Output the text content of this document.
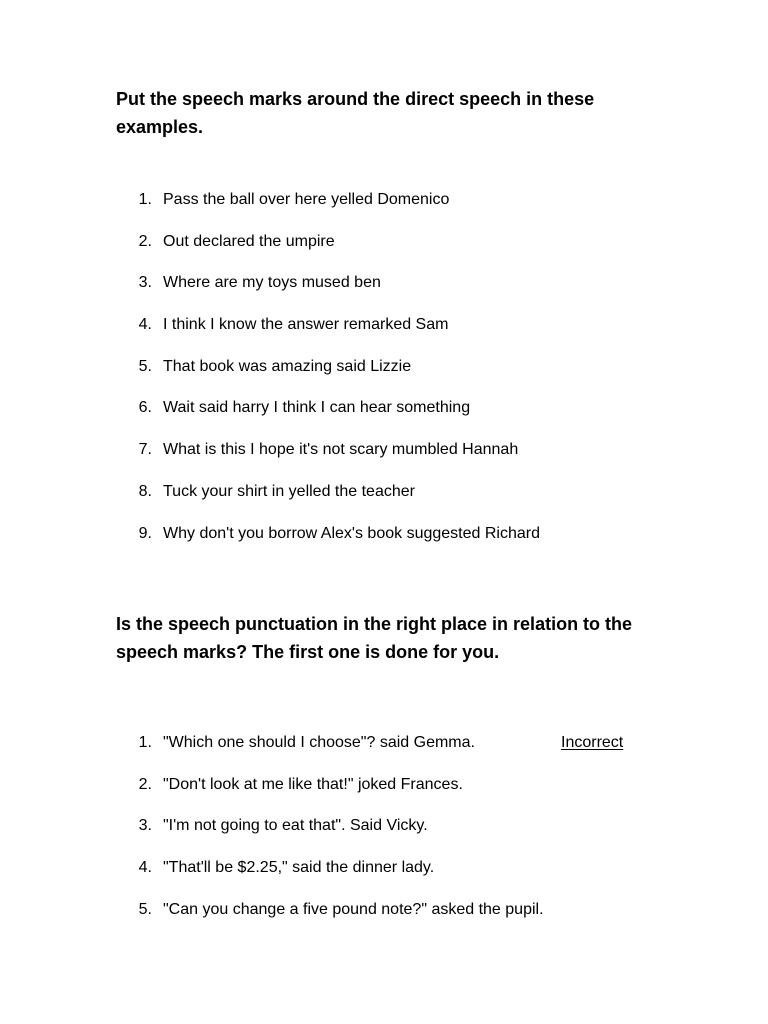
Put the speech marks around the direct speech in these examples.
1. Pass the ball over here yelled Domenico
2. Out declared the umpire
3. Where are my toys mused ben
4. I think I know the answer remarked Sam
5. That book was amazing said Lizzie
6. Wait said harry I think I can hear something
7. What is this I hope it's not scary mumbled Hannah
8. Tuck your shirt in yelled the teacher
9. Why don't you borrow Alex's book suggested Richard
Is the speech punctuation in the right place in relation to the speech marks? The first one is done for you.
1. "Which one should I choose"? said Gemma.	Incorrect
2. "Don't look at me like that!" joked Frances.
3. "I'm not going to eat that". Said Vicky.
4. "That'll be $2.25," said the dinner lady.
5. "Can you change a five pound note?" asked the pupil.
